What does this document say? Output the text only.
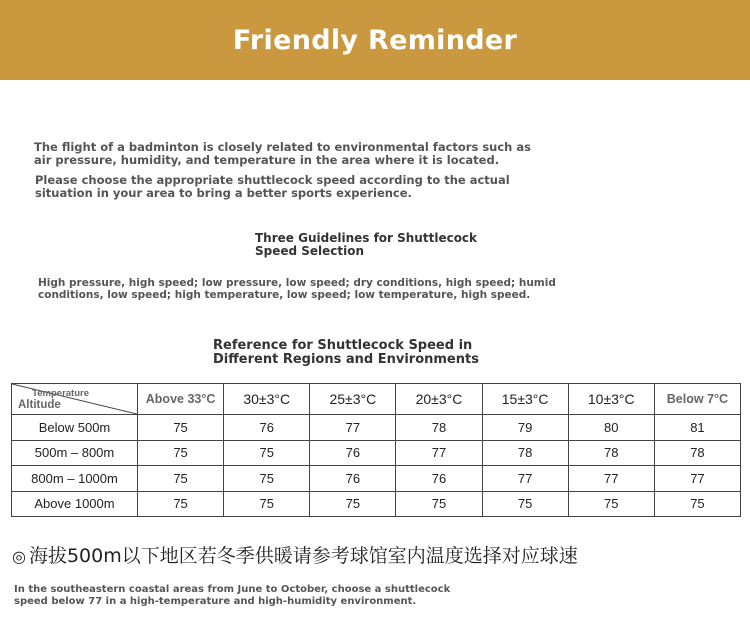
Friendly Reminder

The flight of a badminton is closely related to environmental factors such as
air pressure, humidity, and temperature in the area where it is located.

Please choose the appropriate shuttlecock speed according to the actual
situation in your area to bring a better sports experience.

Three Guidelines for Shuttlecock
Speed Selection

High pressure, high speed; low pressure, low speed; dry conditions, high speed; humid
conditions, low speed; high temperature, low speed; low temperature, high speed.

Reference for Shuttlecock Speed in
Different Regions and Environments
Temperature
Altitude	Above 33°C	30±3°C	25±3°C	20±3°C	15±3°C	10±3°C	Below 7°C
Below 500m	75	76	77	78	79	80	81
500m – 800m	75	75	76	77	78	78	78
800m – 1000m	75	75	76	76	77	77	77
Above 1000m	75	75	75	75	75	75	75
◎ 海拔500m以下地区若冬季供暖请参考球馆室内温度选择对应球速

In the southeastern coastal areas from June to October, choose a shuttlecock
speed below 77 in a high-temperature and high-humidity environment.
